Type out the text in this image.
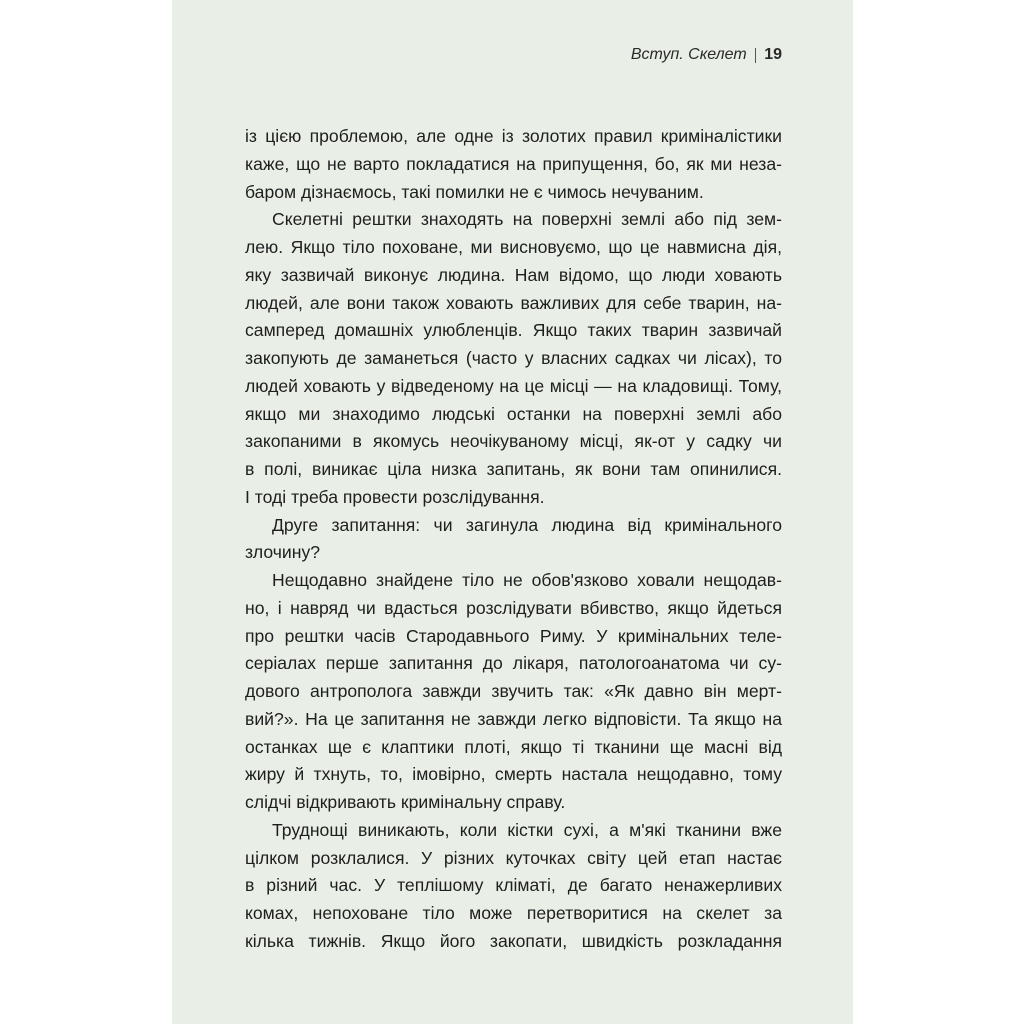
Вступ. Скелет 19
із цією проблемою, але одне із золотих правил криміналістики
каже, що не варто покладатися на припущення, бо, як ми неза-
баром дізнаємось, такі помилки не є чимось нечуваним.
Скелетні рештки знаходять на поверхні землі або під зем-
лею. Якщо тіло поховане, ми висновуємо, що це навмисна дія,
яку зазвичай виконує людина. Нам відомо, що люди ховають
людей, але вони також ховають важливих для себе тварин, на-
самперед домашніх улюбленців. Якщо таких тварин зазвичай
закопують де заманеться (часто у власних садках чи лісах), то
людей ховають у відведеному на це місці — на кладовищі. Тому,
якщо ми знаходимо людські останки на поверхні землі або
закопаними в якомусь неочікуваному місці, як-от у садку чи
в полі, виникає ціла низка запитань, як вони там опинилися.
І тоді треба провести розслідування.
Друге запитання: чи загинула людина від кримінального
злочину?
Нещодавно знайдене тіло не обов'язково ховали нещодав-
но, і навряд чи вдасться розслідувати вбивство, якщо йдеться
про рештки часів Стародавнього Риму. У кримінальних теле-
серіалах перше запитання до лікаря, патологоанатома чи су-
дового антрополога завжди звучить так: «Як давно він мерт-
вий?». На це запитання не завжди легко відповісти. Та якщо на
останках ще є клаптики плоті, якщо ті тканини ще масні від
жиру й тхнуть, то, імовірно, смерть настала нещодавно, тому
слідчі відкривають кримінальну справу.
Труднощі виникають, коли кістки сухі, а м'які тканини вже
цілком розклалися. У різних куточках світу цей етап настає
в різний час. У теплішому кліматі, де багато ненажерливих
комах, непоховане тіло може перетворитися на скелет за
кілька тижнів. Якщо його закопати, швидкість розкладання
